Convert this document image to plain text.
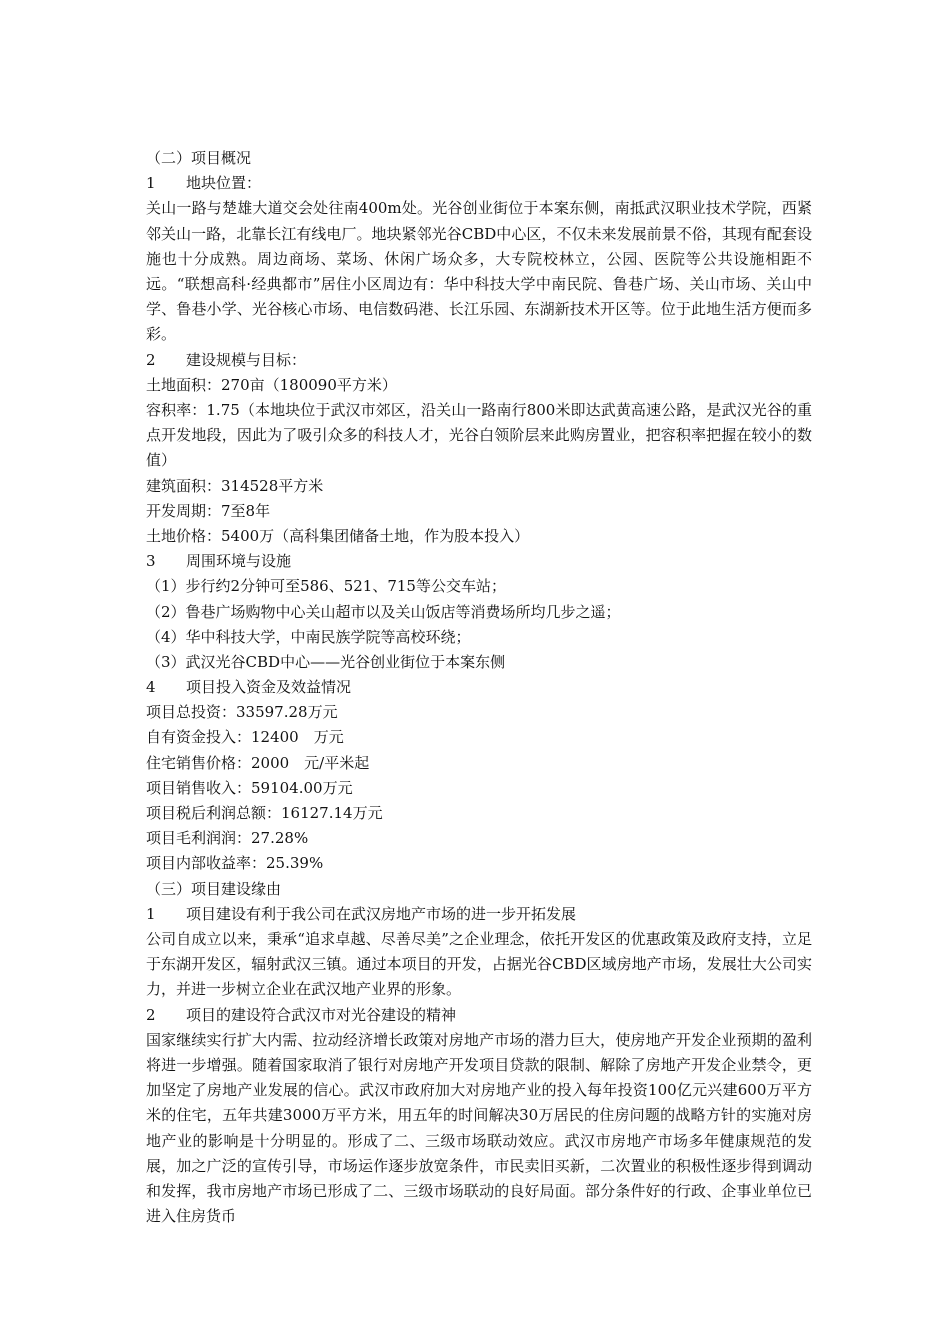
（二）项目概况
1 地块位置：

关山一路与楚雄大道交会处往南400m处。光谷创业街位于本案东侧，南抵武汉职业技术学院，西紧邻关山一路，北靠长江有线电厂。地块紧邻光谷CBD中心区，不仅未来发展前景不俗，其现有配套设施也十分成熟。周边商场、菜场、休闲广场众多，大专院校林立，公园、医院等公共设施相距不远。“联想高科·经典都市”居住小区周边有：华中科技大学中南民院、鲁巷广场、关山市场、关山中学、鲁巷小学、光谷核心市场、电信数码港、长江乐园、东湖新技术开区等。位于此地生活方便而多彩。

2 建设规模与目标：
土地面积：270亩（180090平方米）

容积率：1.75（本地块位于武汉市郊区，沿关山一路南行800米即达武黄高速公路，是武汉光谷的重点开发地段，因此为了吸引众多的科技人才，光谷白领阶层来此购房置业，把容积率把握在较小的数值）

建筑面积：314528平方米
开发周期：7至8年
土地价格：5400万（高科集团储备土地，作为股本投入）
3 周围环境与设施
（1）步行约2分钟可至586、521、715等公交车站；
（2）鲁巷广场购物中心关山超市以及关山饭店等消费场所均几步之遥；
（4）华中科技大学，中南民族学院等高校环绕；
（3）武汉光谷CBD中心——光谷创业街位于本案东侧
4 项目投入资金及效益情况
项目总投资：33597.28万元
自有资金投入：12400　万元
住宅销售价格：2000　元/平米起
项目销售收入：59104.00万元
项目税后利润总额：16127.14万元
项目毛利润润：27.28%
项目内部收益率：25.39%
（三）项目建设缘由
1 项目建设有利于我公司在武汉房地产市场的进一步开拓发展

公司自成立以来，秉承“追求卓越、尽善尽美”之企业理念，依托开发区的优惠政策及政府支持，立足于东湖开发区，辐射武汉三镇。通过本项目的开发，占据光谷CBD区域房地产市场，发展壮大公司实力，并进一步树立企业在武汉地产业界的形象。

2 项目的建设符合武汉市对光谷建设的精神

国家继续实行扩大内需、拉动经济增长政策对房地产市场的潜力巨大，使房地产开发企业预期的盈利将进一步增强。随着国家取消了银行对房地产开发项目贷款的限制、解除了房地产开发企业禁令，更加坚定了房地产业发展的信心。武汉市政府加大对房地产业的投入每年投资100亿元兴建600万平方米的住宅，五年共建3000万平方米，用五年的时间解决30万居民的住房问题的战略方针的实施对房地产业的影响是十分明显的。形成了二、三级市场联动效应。武汉市房地产市场多年健康规范的发展，加之广泛的宣传引导，市场运作逐步放宽条件，市民卖旧买新，二次置业的积极性逐步得到调动和发挥，我市房地产市场已形成了二、三级市场联动的良好局面。部分条件好的行政、企事业单位已进入住房货币
